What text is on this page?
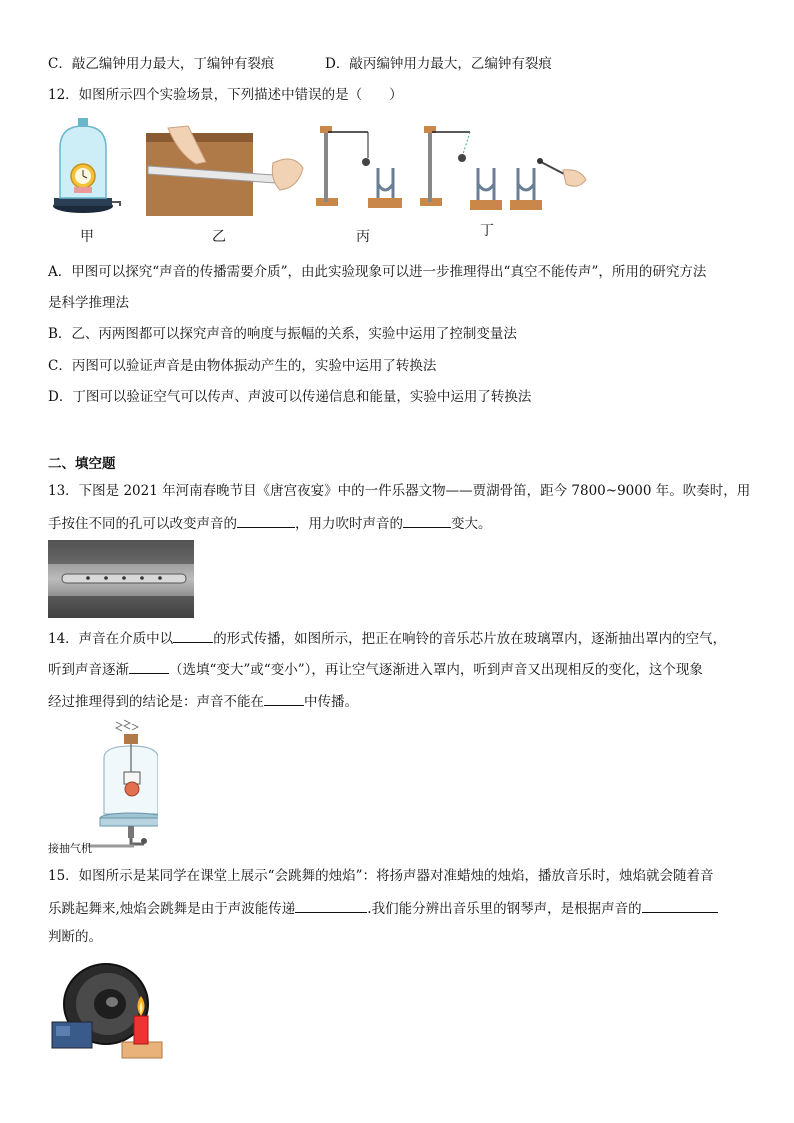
C．敲乙编钟用力最大，丁编钟有裂痕	D．敲丙编钟用力最大，乙编钟有裂痕
12．如图所示四个实验场景，下列描述中错误的是（　　）
甲	乙	丙	丁
A．甲图可以探究“声音的传播需要介质”，由此实验现象可以进一步推理得出“真空不能传声”，所用的研究方法
是科学推理法
B．乙、丙两图都可以探究声音的响度与振幅的关系，实验中运用了控制变量法
C．丙图可以验证声音是由物体振动产生的，实验中运用了转换法
D．丁图可以验证空气可以传声、声波可以传递信息和能量，实验中运用了转换法
二、填空题
13．下图是 2021 年河南春晚节目《唐宫夜宴》中的一件乐器文物——贾湖骨笛，距今 7800~9000 年。吹奏时，用
手按住不同的孔可以改变声音的	，用力吹时声音的	变大。
14．声音在介质中以	的形式传播，如图所示，把正在响铃的音乐芯片放在玻璃罩内，逐渐抽出罩内的空气，
听到声音逐渐	（选填“变大”或“变小”），再让空气逐渐进入罩内，听到声音又出现相反的变化，这个现象
经过推理得到的结论是：声音不能在	中传播。
接抽气机
15．如图所示是某同学在课堂上展示“会跳舞的烛焰”：将扬声器对准蜡烛的烛焰，播放音乐时，烛焰就会随着音
乐跳起舞来,烛焰会跳舞是由于声波能传递	.我们能分辨出音乐里的钢琴声，是根据声音的
判断的。
